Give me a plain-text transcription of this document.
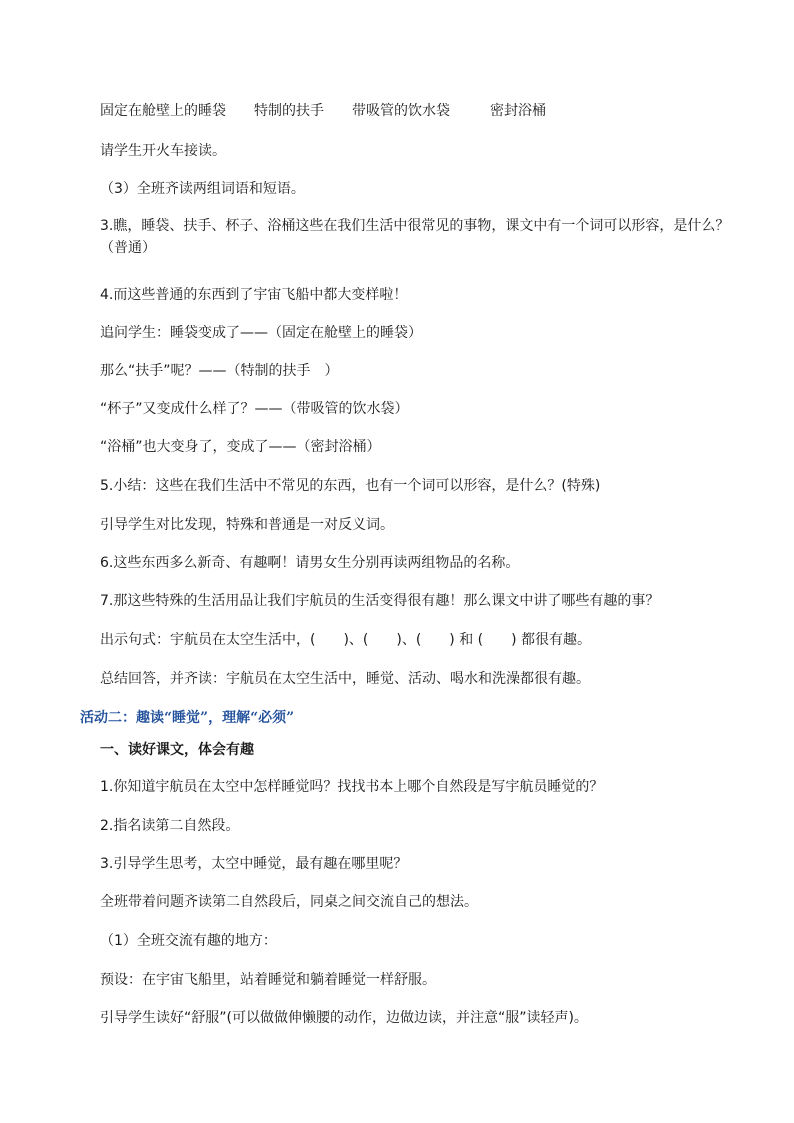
固定在舱壁上的睡袋 特制的扶手 带吸管的饮水袋	密封浴桶
请学生开火车接读。
（3）全班齐读两组词语和短语。
3.瞧，睡袋、扶手、杯子、浴桶这些在我们生活中很常见的事物，课文中有一个词可以形容，是什么？（普通）
4.而这些普通的东西到了宇宙飞船中都大变样啦！
追问学生：睡袋变成了——（固定在舱壁上的睡袋）
那么“扶手”呢？——（特制的扶手　）
“杯子”又变成什么样了？——（带吸管的饮水袋）
“浴桶”也大变身了，变成了——（密封浴桶）
5.小结：这些在我们生活中不常见的东西，也有一个词可以形容，是什么？(特殊)
引导学生对比发现，特殊和普通是一对反义词。
6.这些东西多么新奇、有趣啊！请男女生分别再读两组物品的名称。
7.那这些特殊的生活用品让我们宇航员的生活变得很有趣！那么课文中讲了哪些有趣的事？
出示句式：宇航员在太空生活中，(　　)、(　　)、(　　) 和 (　　) 都很有趣。
总结回答，并齐读：宇航员在太空生活中，睡觉、活动、喝水和洗澡都很有趣。
活动二：趣读“睡觉”，理解“必须”
一、读好课文，体会有趣
1.你知道宇航员在太空中怎样睡觉吗？找找书本上哪个自然段是写宇航员睡觉的？
2.指名读第二自然段。
3.引导学生思考，太空中睡觉，最有趣在哪里呢？
全班带着问题齐读第二自然段后，同桌之间交流自己的想法。
（1）全班交流有趣的地方：
预设：在宇宙飞船里，站着睡觉和躺着睡觉一样舒服。
引导学生读好“舒服”(可以做做伸懒腰的动作，边做边读，并注意“服”读轻声)。
